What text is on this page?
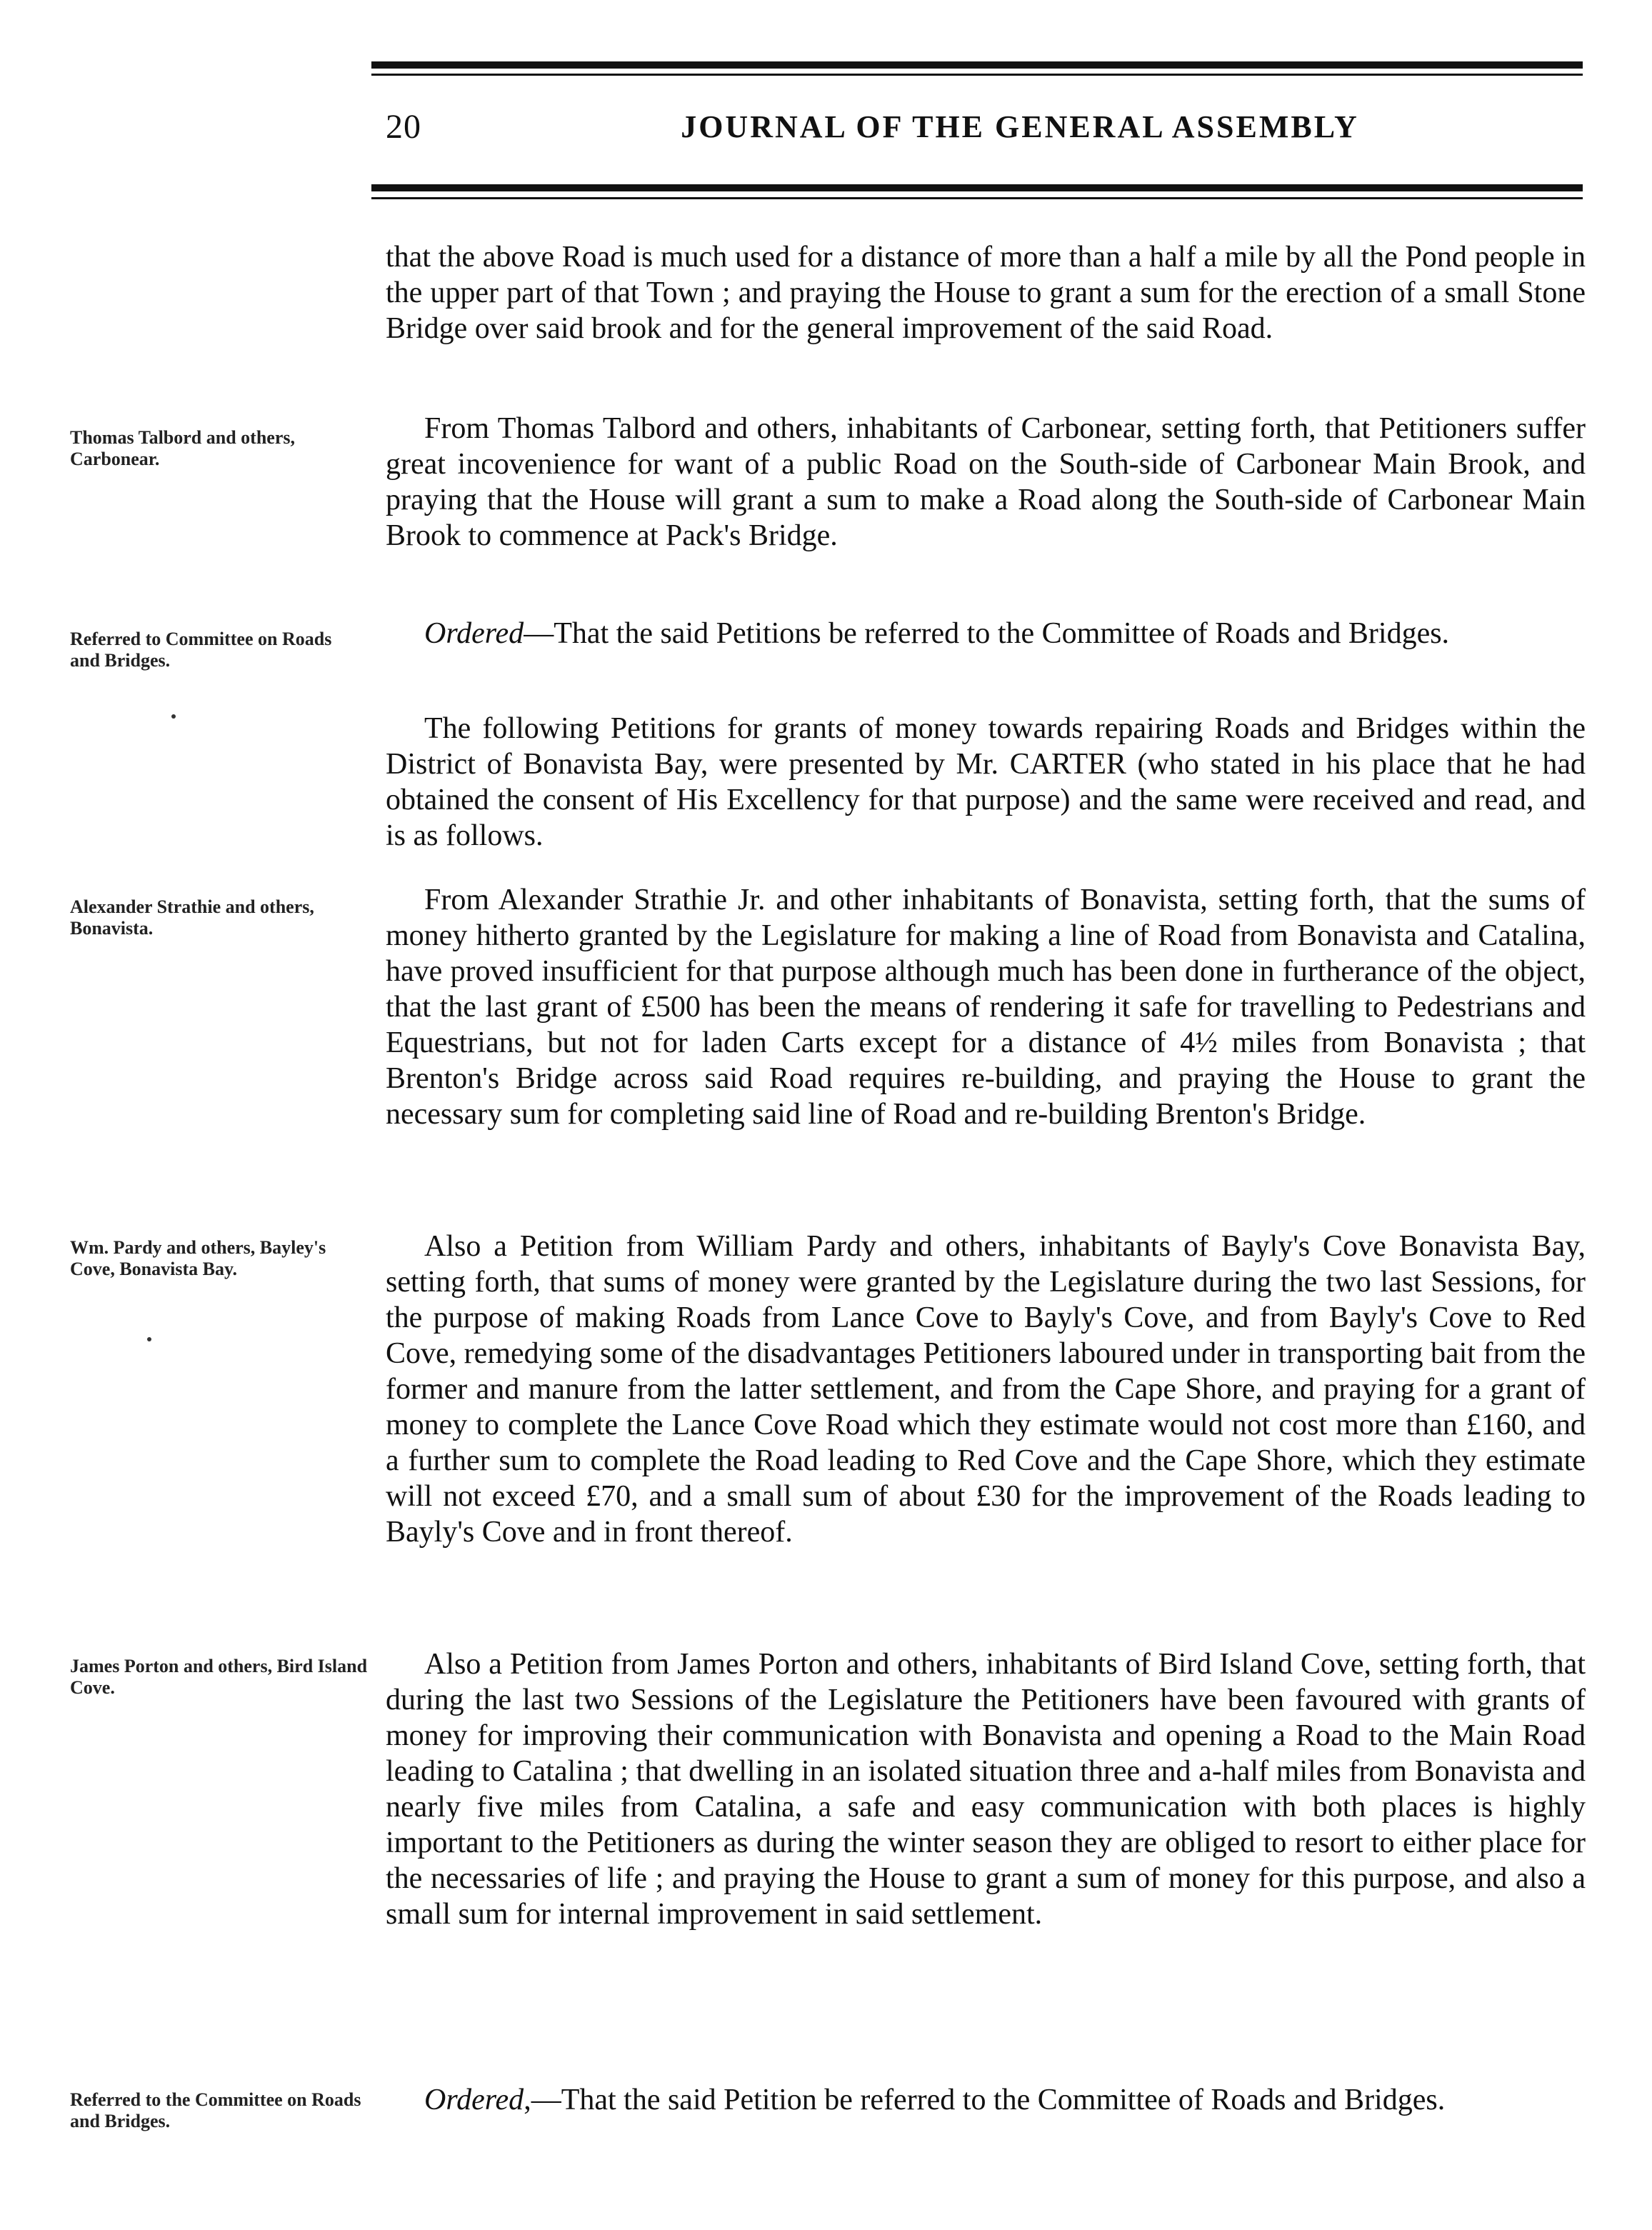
20	JOURNAL OF THE GENERAL ASSEMBLY
that the above Road is much used for a distance of more than a half a mile by all the Pond people in the upper part of that Town ; and praying the House to grant a sum for the erection of a small Stone Bridge over said brook and for the general improvement of the said Road.
From Thomas Talbord and others, inhabitants of Carbonear, setting forth, that Petitioners suffer great incovenience for want of a public Road on the South-side of Carbonear Main Brook, and praying that the House will grant a sum to make a Road along the South-side of Carbonear Main Brook to commence at Pack's Bridge.
Ordered—That the said Petitions be referred to the Committee of Roads and Bridges.
The following Petitions for grants of money towards repairing Roads and Bridges within the District of Bonavista Bay, were presented by Mr. CARTER (who stated in his place that he had obtained the consent of His Excellency for that purpose) and the same were received and read, and is as follows.
From Alexander Strathie Jr. and other inhabitants of Bonavista, setting forth, that the sums of money hitherto granted by the Legislature for making a line of Road from Bonavista and Catalina, have proved insufficient for that purpose although much has been done in furtherance of the object, that the last grant of £500 has been the means of rendering it safe for travelling to Pedestrians and Equestrians, but not for laden Carts except for a distance of 4½ miles from Bonavista ; that Brenton's Bridge across said Road requires re-building, and praying the House to grant the necessary sum for completing said line of Road and re-building Brenton's Bridge.
Also a Petition from William Pardy and others, inhabitants of Bayly's Cove Bonavista Bay, setting forth, that sums of money were granted by the Legislature during the two last Sessions, for the purpose of making Roads from Lance Cove to Bayly's Cove, and from Bayly's Cove to Red Cove, remedying some of the disadvantages Petitioners laboured under in transporting bait from the former and manure from the latter settlement, and from the Cape Shore, and praying for a grant of money to complete the Lance Cove Road which they estimate would not cost more than £160, and a further sum to complete the Road leading to Red Cove and the Cape Shore, which they estimate will not exceed £70, and a small sum of about £30 for the improvement of the Roads leading to Bayly's Cove and in front thereof.
Also a Petition from James Porton and others, inhabitants of Bird Island Cove, setting forth, that during the last two Sessions of the Legislature the Petitioners have been favoured with grants of money for improving their communication with Bonavista and opening a Road to the Main Road leading to Catalina ; that dwelling in an isolated situation three and a-half miles from Bonavista and nearly five miles from Catalina, a safe and easy communication with both places is highly important to the Petitioners as during the winter season they are obliged to resort to either place for the necessaries of life ; and praying the House to grant a sum of money for this purpose, and also a small sum for internal improvement in said settlement.
Ordered,—That the said Petition be referred to the Committee of Roads and Bridges.
Thomas Talbord and others, Carbonear.
Referred to Committee on Roads and Bridges.
Alexander Strathie and others, Bonavista.
Wm. Pardy and others, Bayley's Cove, Bonavista Bay.
James Porton and others, Bird Island Cove.
Referred to the Committee on Roads and Bridges.
